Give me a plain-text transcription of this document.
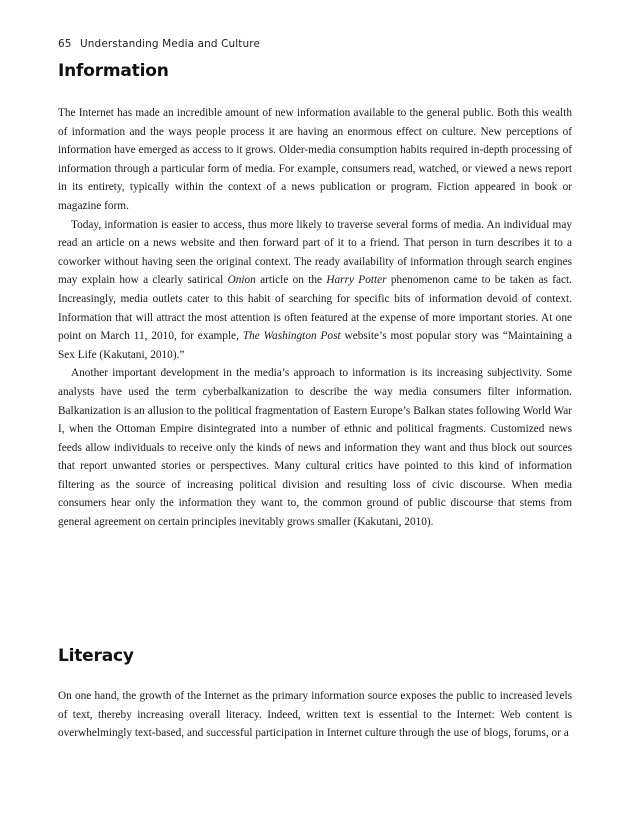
65 Understanding Media and Culture
Information

The Internet has made an incredible amount of new information available to the general public. Both this wealth of information and the ways people process it are having an enormous effect on culture. New perceptions of information have emerged as access to it grows. Older-media consumption habits required in-depth processing of information through a particular form of media. For example, consumers read, watched, or viewed a news report in its entirety, typically within the context of a news publication or program. Fiction appeared in book or magazine form.

Today, information is easier to access, thus more likely to traverse several forms of media. An individual may read an article on a news website and then forward part of it to a friend. That person in turn describes it to a coworker without having seen the original context. The ready availability of information through search engines may explain how a clearly satirical Onion article on the Harry Potter phenomenon came to be taken as fact. Increasingly, media outlets cater to this habit of searching for specific bits of information devoid of context. Information that will attract the most attention is often featured at the expense of more important stories. At one point on March 11, 2010, for example, The Washington Post website’s most popular story was “Maintaining a Sex Life (Kakutani, 2010).”

Another important development in the media’s approach to information is its increasing subjectivity. Some analysts have used the term cyberbalkanization to describe the way media consumers filter information. Balkanization is an allusion to the political fragmentation of Eastern Europe’s Balkan states following World War I, when the Ottoman Empire disintegrated into a number of ethnic and political fragments. Customized news feeds allow individuals to receive only the kinds of news and information they want and thus block out sources that report unwanted stories or perspectives. Many cultural critics have pointed to this kind of information filtering as the source of increasing political division and resulting loss of civic discourse. When media consumers hear only the information they want to, the common ground of public discourse that stems from general agreement on certain principles inevitably grows smaller (Kakutani, 2010).

Literacy

On one hand, the growth of the Internet as the primary information source exposes the public to increased levels of text, thereby increasing overall literacy. Indeed, written text is essential to the Internet: Web content is overwhelmingly text-based, and successful participation in Internet culture through the use of blogs, forums, or a
